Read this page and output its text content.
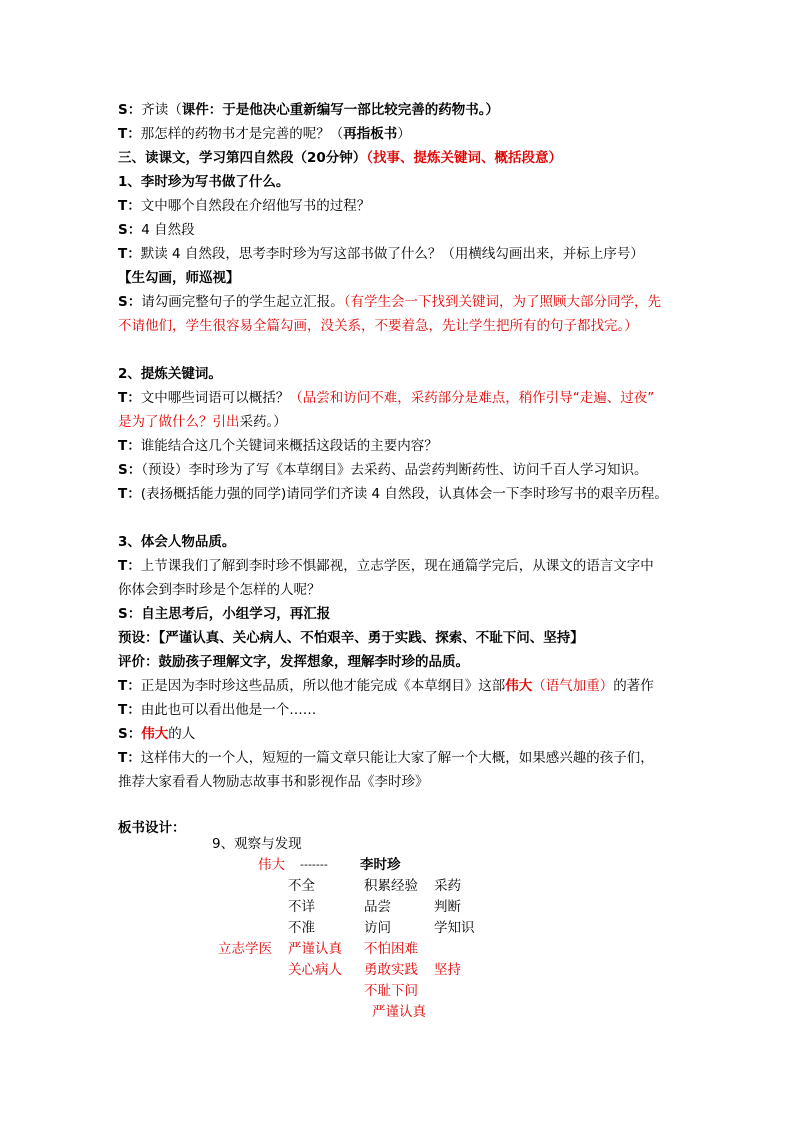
S：齐读（课件：于是他决心重新编写一部比较完善的药物书。）
T：那怎样的药物书才是完善的呢？（再指板书）
三、读课文，学习第四自然段（20分钟）（找事、提炼关键词、概括段意）
1、李时珍为写书做了什么。
T：文中哪个自然段在介绍他写书的过程？
S：4 自然段
T：默读 4 自然段，思考李时珍为写这部书做了什么？（用横线勾画出来，并标上序号）
【生勾画，师巡视】
S：请勾画完整句子的学生起立汇报。（有学生会一下找到关键词，为了照顾大部分同学，先
不请他们，学生很容易全篇勾画，没关系，不要着急，先让学生把所有的句子都找完。）
2、提炼关键词。
T：文中哪些词语可以概括？（品尝和访问不难，采药部分是难点，稍作引导“走遍、过夜”
是为了做什么？引出采药。）
T：谁能结合这几个关键词来概括这段话的主要内容？
S：（预设）李时珍为了写《本草纲目》去采药、品尝药判断药性、访问千百人学习知识。
T：(表扬概括能力强的同学)请同学们齐读 4 自然段，认真体会一下李时珍写书的艰辛历程。
3、体会人物品质。
T：上节课我们了解到李时珍不惧鄙视，立志学医，现在通篇学完后，从课文的语言文字中
你体会到李时珍是个怎样的人呢？
S：自主思考后，小组学习，再汇报
预设：【严谨认真、关心病人、不怕艰辛、勇于实践、探索、不耻下问、坚持】
评价：鼓励孩子理解文字，发挥想象，理解李时珍的品质。
T：正是因为李时珍这些品质，所以他才能完成《本草纲目》这部伟大（语气加重）的著作
T：由此也可以看出他是一个……
S：伟大的人
T：这样伟大的一个人，短短的一篇文章只能让大家了解一个大概，如果感兴趣的孩子们，
推荐大家看看人物励志故事书和影视作品《李时珍》
板书设计：
9、观察与发现
伟大 ------- 李时珍
不全	积累经验 采药
不详	品尝	判断
不准	访问	学知识
立志学医 严谨认真 不怕困难
关心病人 勇敢实践 坚持
不耻下问
严谨认真
